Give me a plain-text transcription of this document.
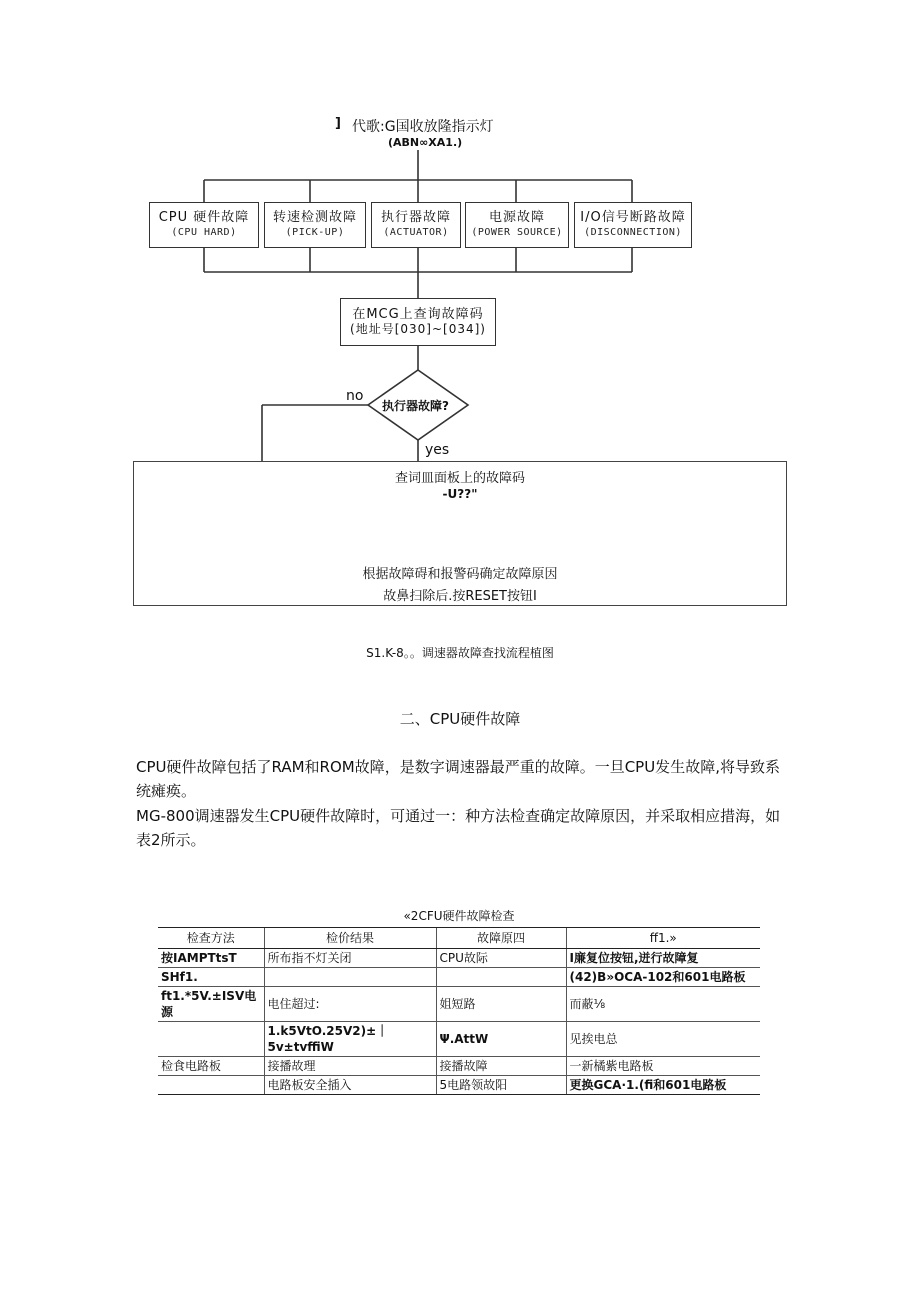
] 代歌:G国收放隆指示灯
(ABN∞XA1.)
CPU 硬件故障
(CPU HARD)
转速检测故障
(PICK-UP)
执行器故障
(ACTUATOR)
电源故障
(POWER SOURCE)
I/O信号断路故障
(DISCONNECTION)
在MCG上查询故障码
(地址号[030]~[034])
执行器故障?
no
yes
查词皿面板上的故障码
-U??"
根据故障碍和报警码确定故障原因
故鼻扫除后.按RESET按钮I
S1.K-8。。调速器故障查找流程植图
二、CPU硬件故障
CPU硬件故障包括了RAM和ROM故障，是数字调速器最严重的故障。一旦CPU发生故障,将导致系统瘫痪。
MG-800调速器发生CPU硬件故障时，可通过一：种方法检查确定故障原因，并采取相应措海，如表2所示。
«2CFU硬件故障检查
检查方法	检价结果	故障原四	ff1.»
按IAMPTtsT	所布指不灯关闭	CPU故际	I廉复位按钮,迸行故障复
SHf1.			(42)B»OCA-102和601电路板
ft1.*5V.±ISV电源	电住超过:	姐短路	而蔽⅛
	1.k5VtO.25V2)±｜5v±tvffiW	Ψ.AttW	见挨电总
检食电路板	接播故理	接播故障	一新橘紫电路板
	电路板安全插入	5电路领故阳	更换GCA·1.(fi和601电路板
